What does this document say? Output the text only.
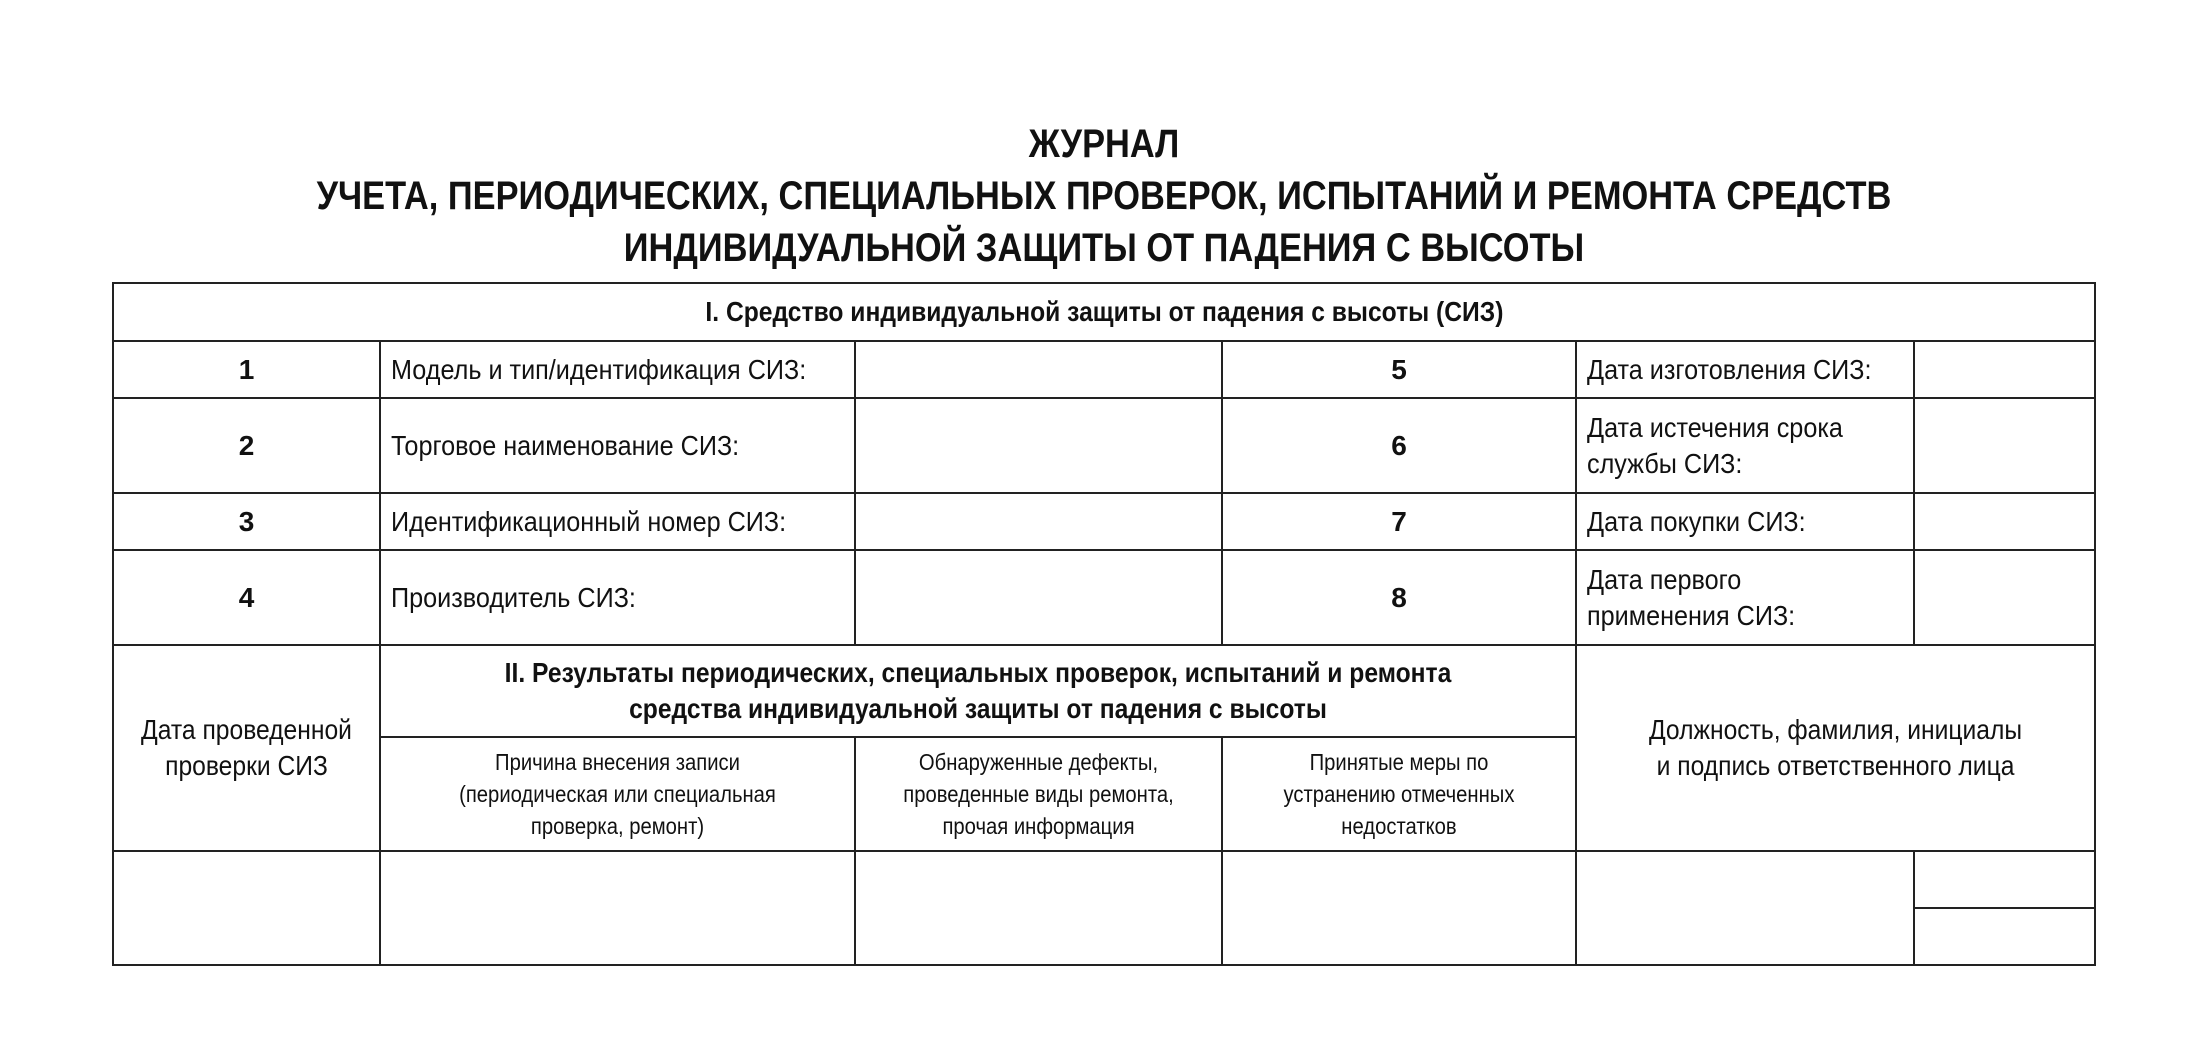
ЖУРНАЛ
УЧЕТА, ПЕРИОДИЧЕСКИХ, СПЕЦИАЛЬНЫХ ПРОВЕРОК, ИСПЫТАНИЙ И РЕМОНТА СРЕДСТВ
ИНДИВИДУАЛЬНОЙ ЗАЩИТЫ ОТ ПАДЕНИЯ С ВЫСОТЫ
I. Средство индивидуальной защиты от падения с высоты (СИЗ)
1	Модель и тип/идентификация СИЗ:		5	Дата изготовления СИЗ:	
2	Торговое наименование СИЗ:		6	Дата истечения срока службы СИЗ:	
3	Идентификационный номер СИЗ:		7	Дата покупки СИЗ:	
4	Производитель СИЗ:		8	Дата первого применения СИЗ:	
Дата проведенной проверки СИЗ	II. Результаты периодических, специальных проверок, испытаний и ремонта средства индивидуальной защиты от падения с высоты	Должность, фамилия, инициалы и подпись ответственного лица
Причина внесения записи (периодическая или специальная проверка, ремонт)	Обнаруженные дефекты, проведенные виды ремонта, прочая информация	Принятые меры по устранению отмеченных недостатков
